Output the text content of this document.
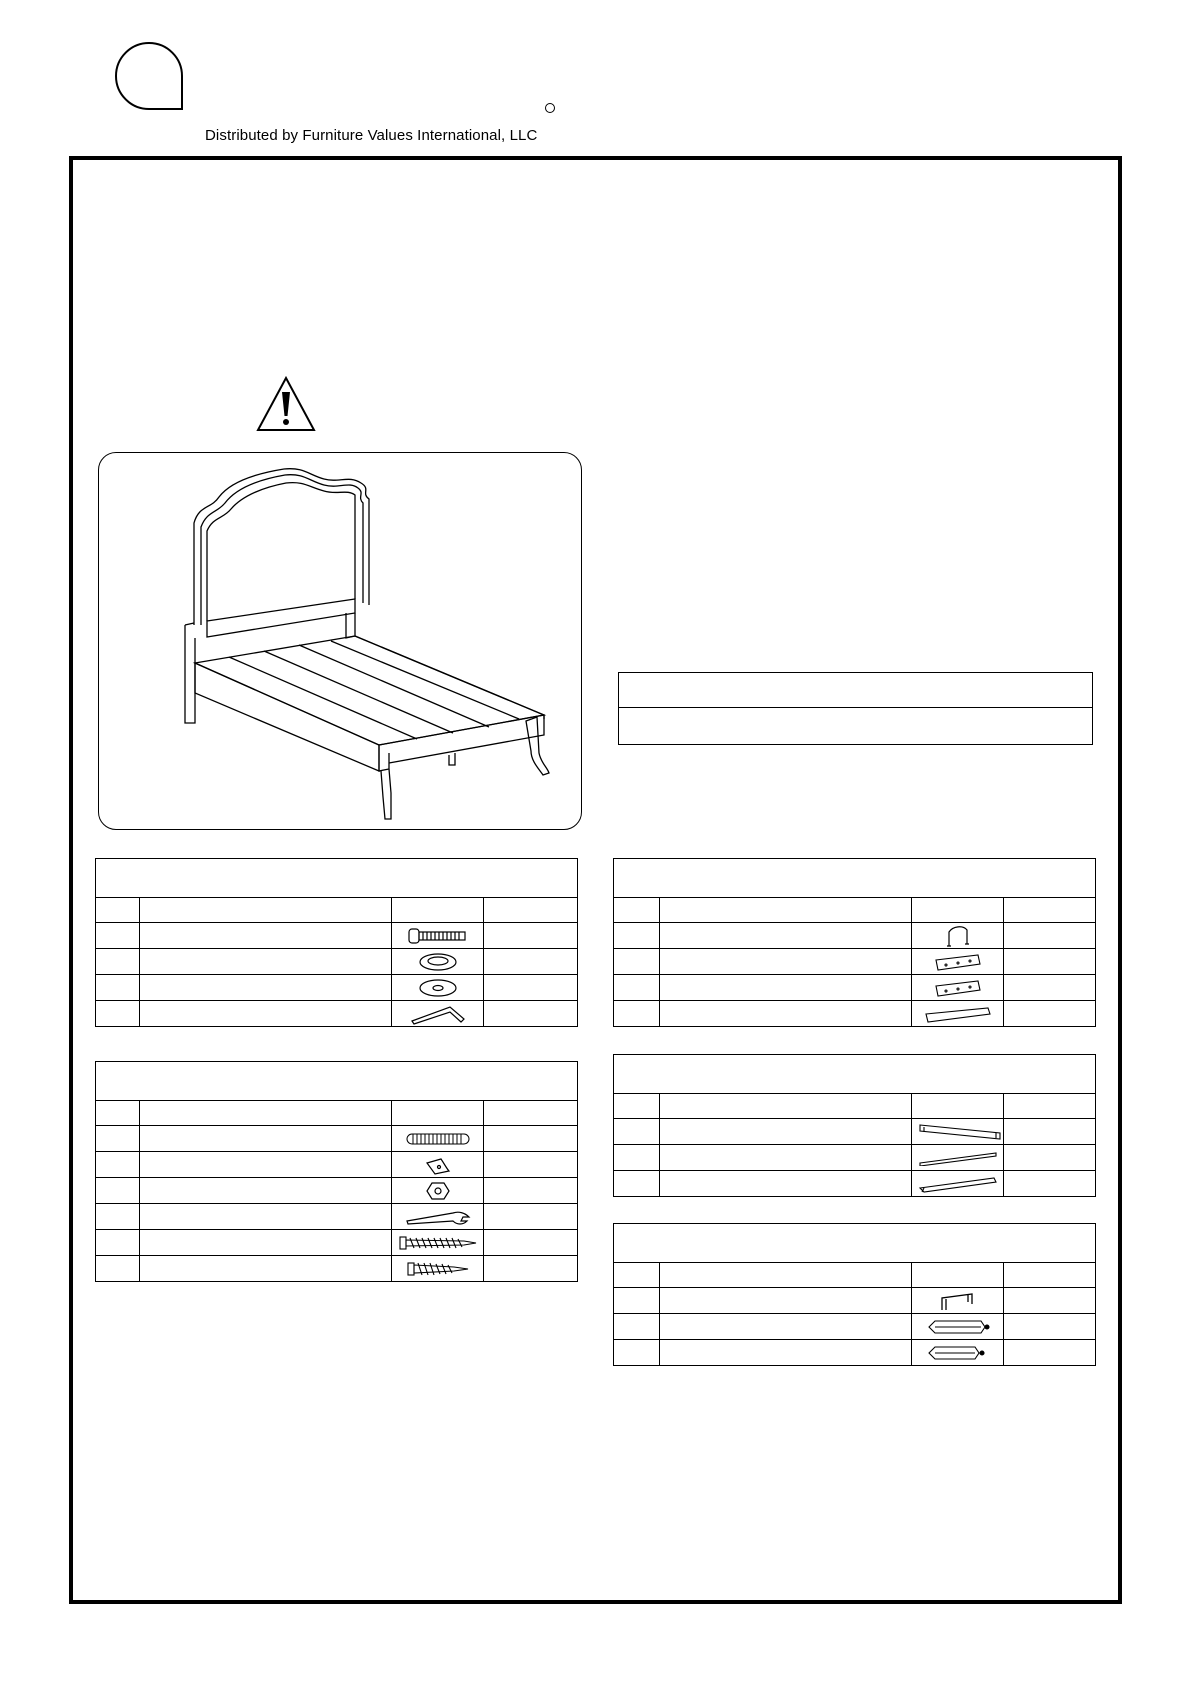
Distributed by Furniture Values International, LLC
